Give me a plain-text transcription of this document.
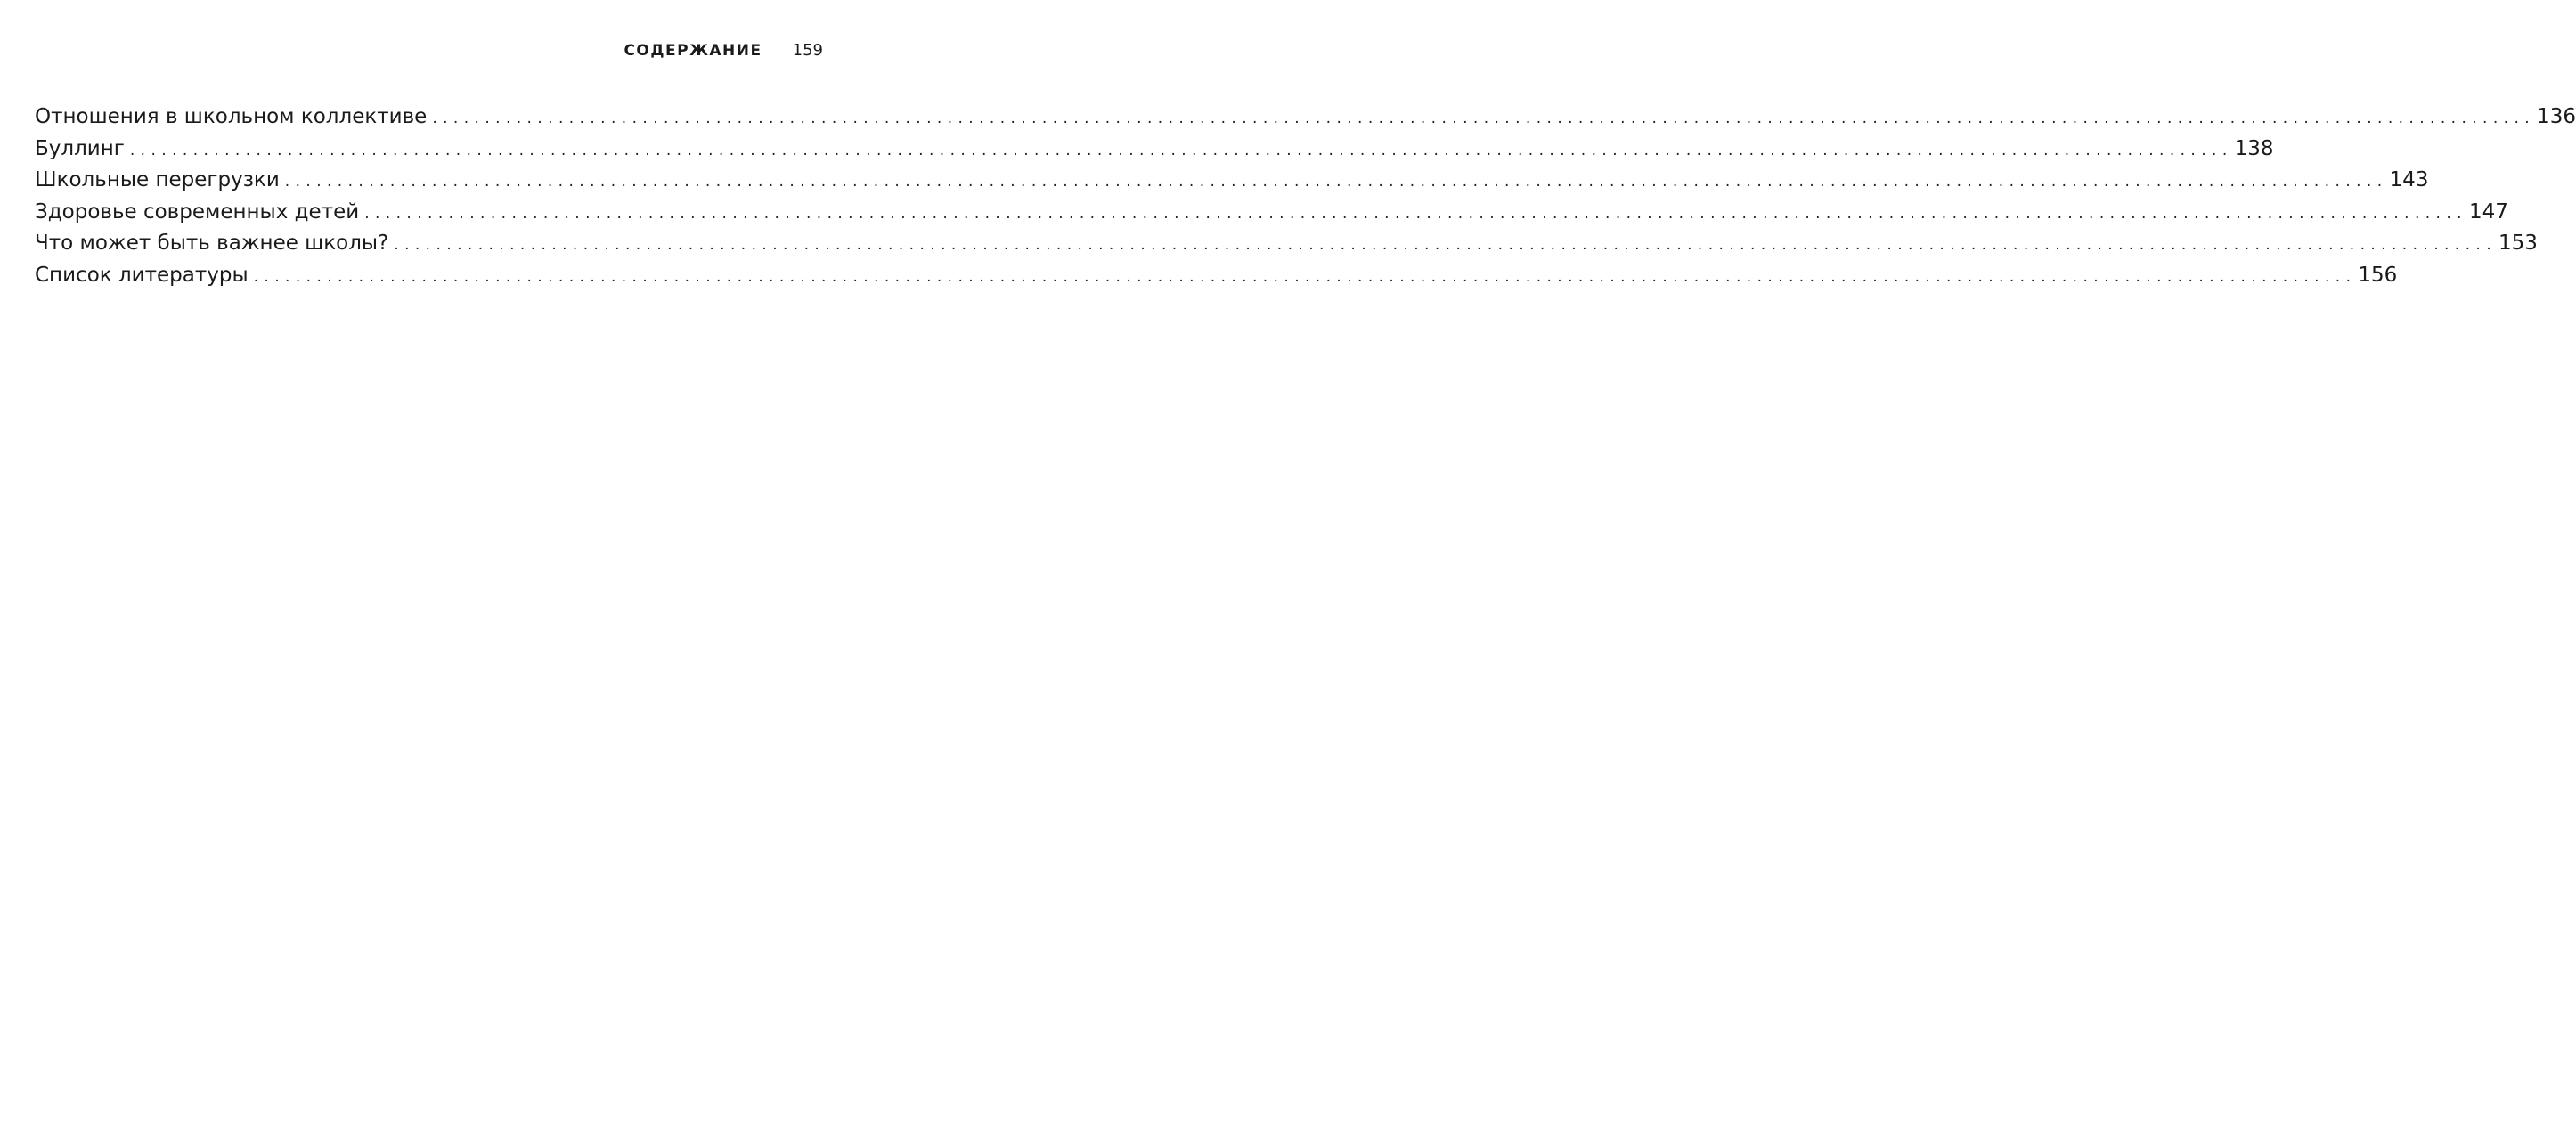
СОДЕРЖАНИЕ 159
Отношения в школьном коллективе ........................................................................................................................................................................................................ 136
Буллинг ........................................................................................................................................................................................................ 138
Школьные перегрузки ........................................................................................................................................................................................................ 143
Здоровье современных детей ........................................................................................................................................................................................................ 147
Что может быть важнее школы? ........................................................................................................................................................................................................ 153
Список литературы ........................................................................................................................................................................................................ 156
